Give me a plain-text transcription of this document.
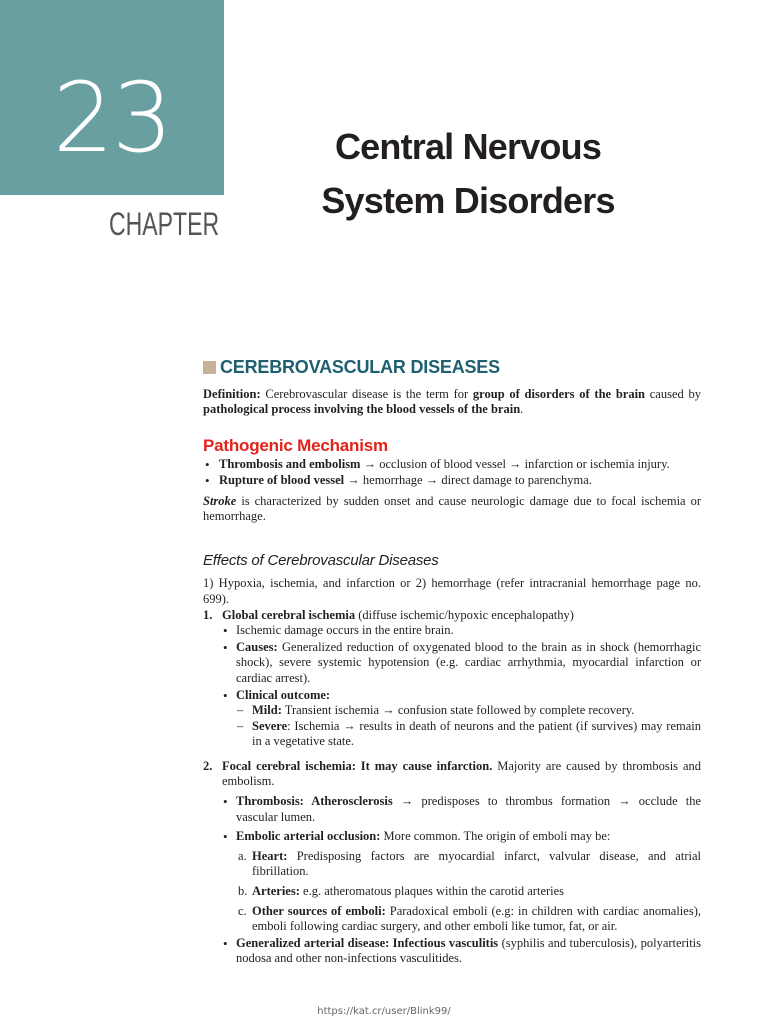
23
CHAPTER
Central Nervous
System Disorders
CEREBROVASCULAR DISEASES

Definition: Cerebrovascular disease is the term for group of disorders of the brain caused by pathological process involving the blood vessels of the brain.

Pathogenic Mechanism
• Thrombosis and embolism → occlusion of blood vessel → infarction or ischemia injury.
• Rupture of blood vessel → hemorrhage → direct damage to parenchyma.

Stroke is characterized by sudden onset and cause neurologic damage due to focal ischemia or hemorrhage.

Effects of Cerebrovascular Diseases

1) Hypoxia, ischemia, and infarction or 2) hemorrhage (refer intracranial hemorrhage page no. 699).

1. Global cerebral ischemia (diffuse ischemic/hypoxic encephalopathy)
• Ischemic damage occurs in the entire brain.
• Causes: Generalized reduction of oxygenated blood to the brain as in shock (hemorrhagic shock), severe systemic hypotension (e.g. cardiac arrhythmia, myocardial infarction or cardiac arrest).
• Clinical outcome:
– Mild: Transient ischemia → confusion state followed by complete recovery.
– Severe: Ischemia → results in death of neurons and the patient (if survives) may remain in a vegetative state.
2. Focal cerebral ischemia: It may cause infarction. Majority are caused by thrombosis and embolism.
• Thrombosis: Atherosclerosis → predisposes to thrombus formation → occlude the vascular lumen.
• Embolic arterial occlusion: More common. The origin of emboli may be:
a. Heart: Predisposing factors are myocardial infarct, valvular disease, and atrial fibrillation.
b. Arteries: e.g. atheromatous plaques within the carotid arteries
c. Other sources of emboli: Paradoxical emboli (e.g: in children with cardiac anomalies), emboli following cardiac surgery, and other emboli like tumor, fat, or air.
• Generalized arterial disease: Infectious vasculitis (syphilis and tuberculosis), polyarteritis nodosa and other non-infections vasculitides.
https://kat.cr/user/Blink99/
